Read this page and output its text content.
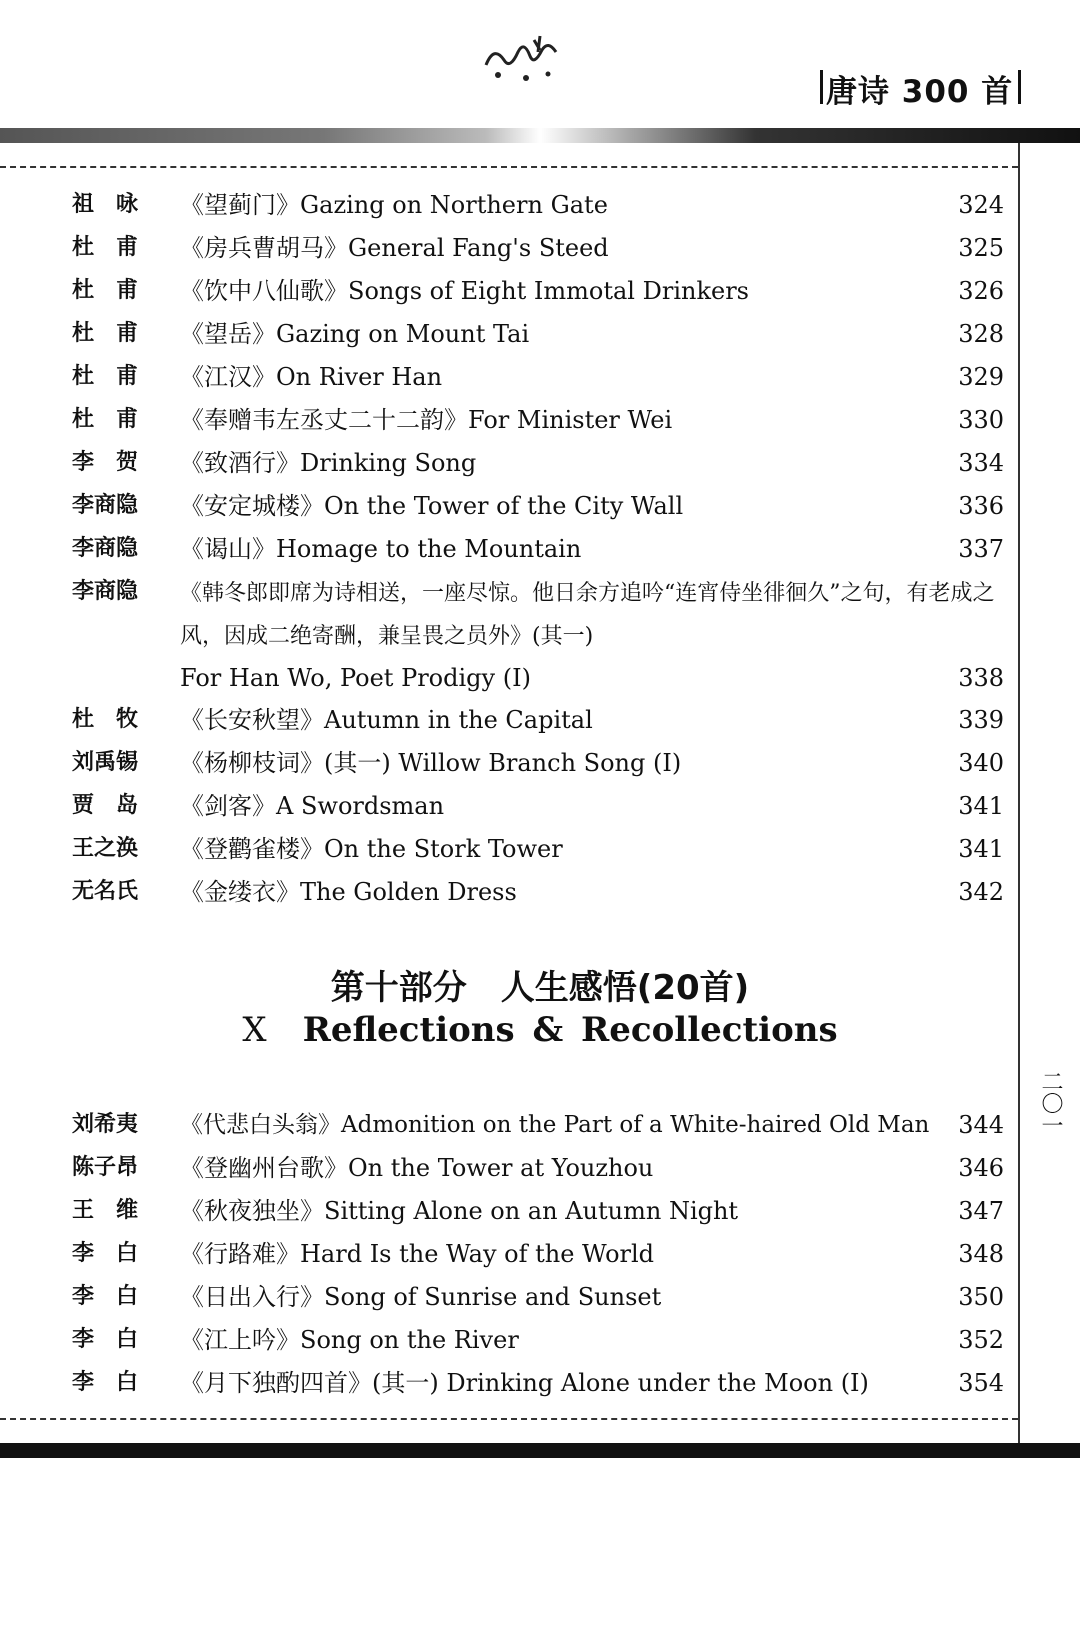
唐诗 300 首
祖　咏	《望蓟门》Gazing on Northern Gate	324
杜　甫	《房兵曹胡马》General Fang's Steed	325
杜　甫	《饮中八仙歌》Songs of Eight Immotal Drinkers	326
杜　甫	《望岳》Gazing on Mount Tai	328
杜　甫	《江汉》On River Han	329
杜　甫	《奉赠韦左丞丈二十二韵》For Minister Wei	330
李　贺	《致酒行》Drinking Song	334
李商隐	《安定城楼》On the Tower of the City Wall	336
李商隐	《谒山》Homage to the Mountain	337
李商隐	《韩冬郎即席为诗相送，一座尽惊。他日余方追吟“连宵侍坐徘徊久”之句，有老成之风，因成二绝寄酬，兼呈畏之员外》(其一)
For Han Wo, Poet Prodigy (Ⅰ)	338
杜　牧	《长安秋望》Autumn in the Capital	339
刘禹锡	《杨柳枝词》(其一) Willow Branch Song (Ⅰ)	340
贾　岛	《剑客》A Swordsman	341
王之涣	《登鹳雀楼》On the Stork Tower	341
无名氏	《金缕衣》The Golden Dress	342
第十部分　人生感悟(20首)
X Reflections & Recollections
刘希夷	《代悲白头翁》Admonition on the Part of a White-haired Old Man	344
陈子昂	《登幽州台歌》On the Tower at Youzhou	346
王　维	《秋夜独坐》Sitting Alone on an Autumn Night	347
李　白	《行路难》Hard Is the Way of the World	348
李　白	《日出入行》Song of Sunrise and Sunset	350
李　白	《江上吟》Song on the River	352
李　白	《月下独酌四首》(其一) Drinking Alone under the Moon (Ⅰ)	354
二〇一
